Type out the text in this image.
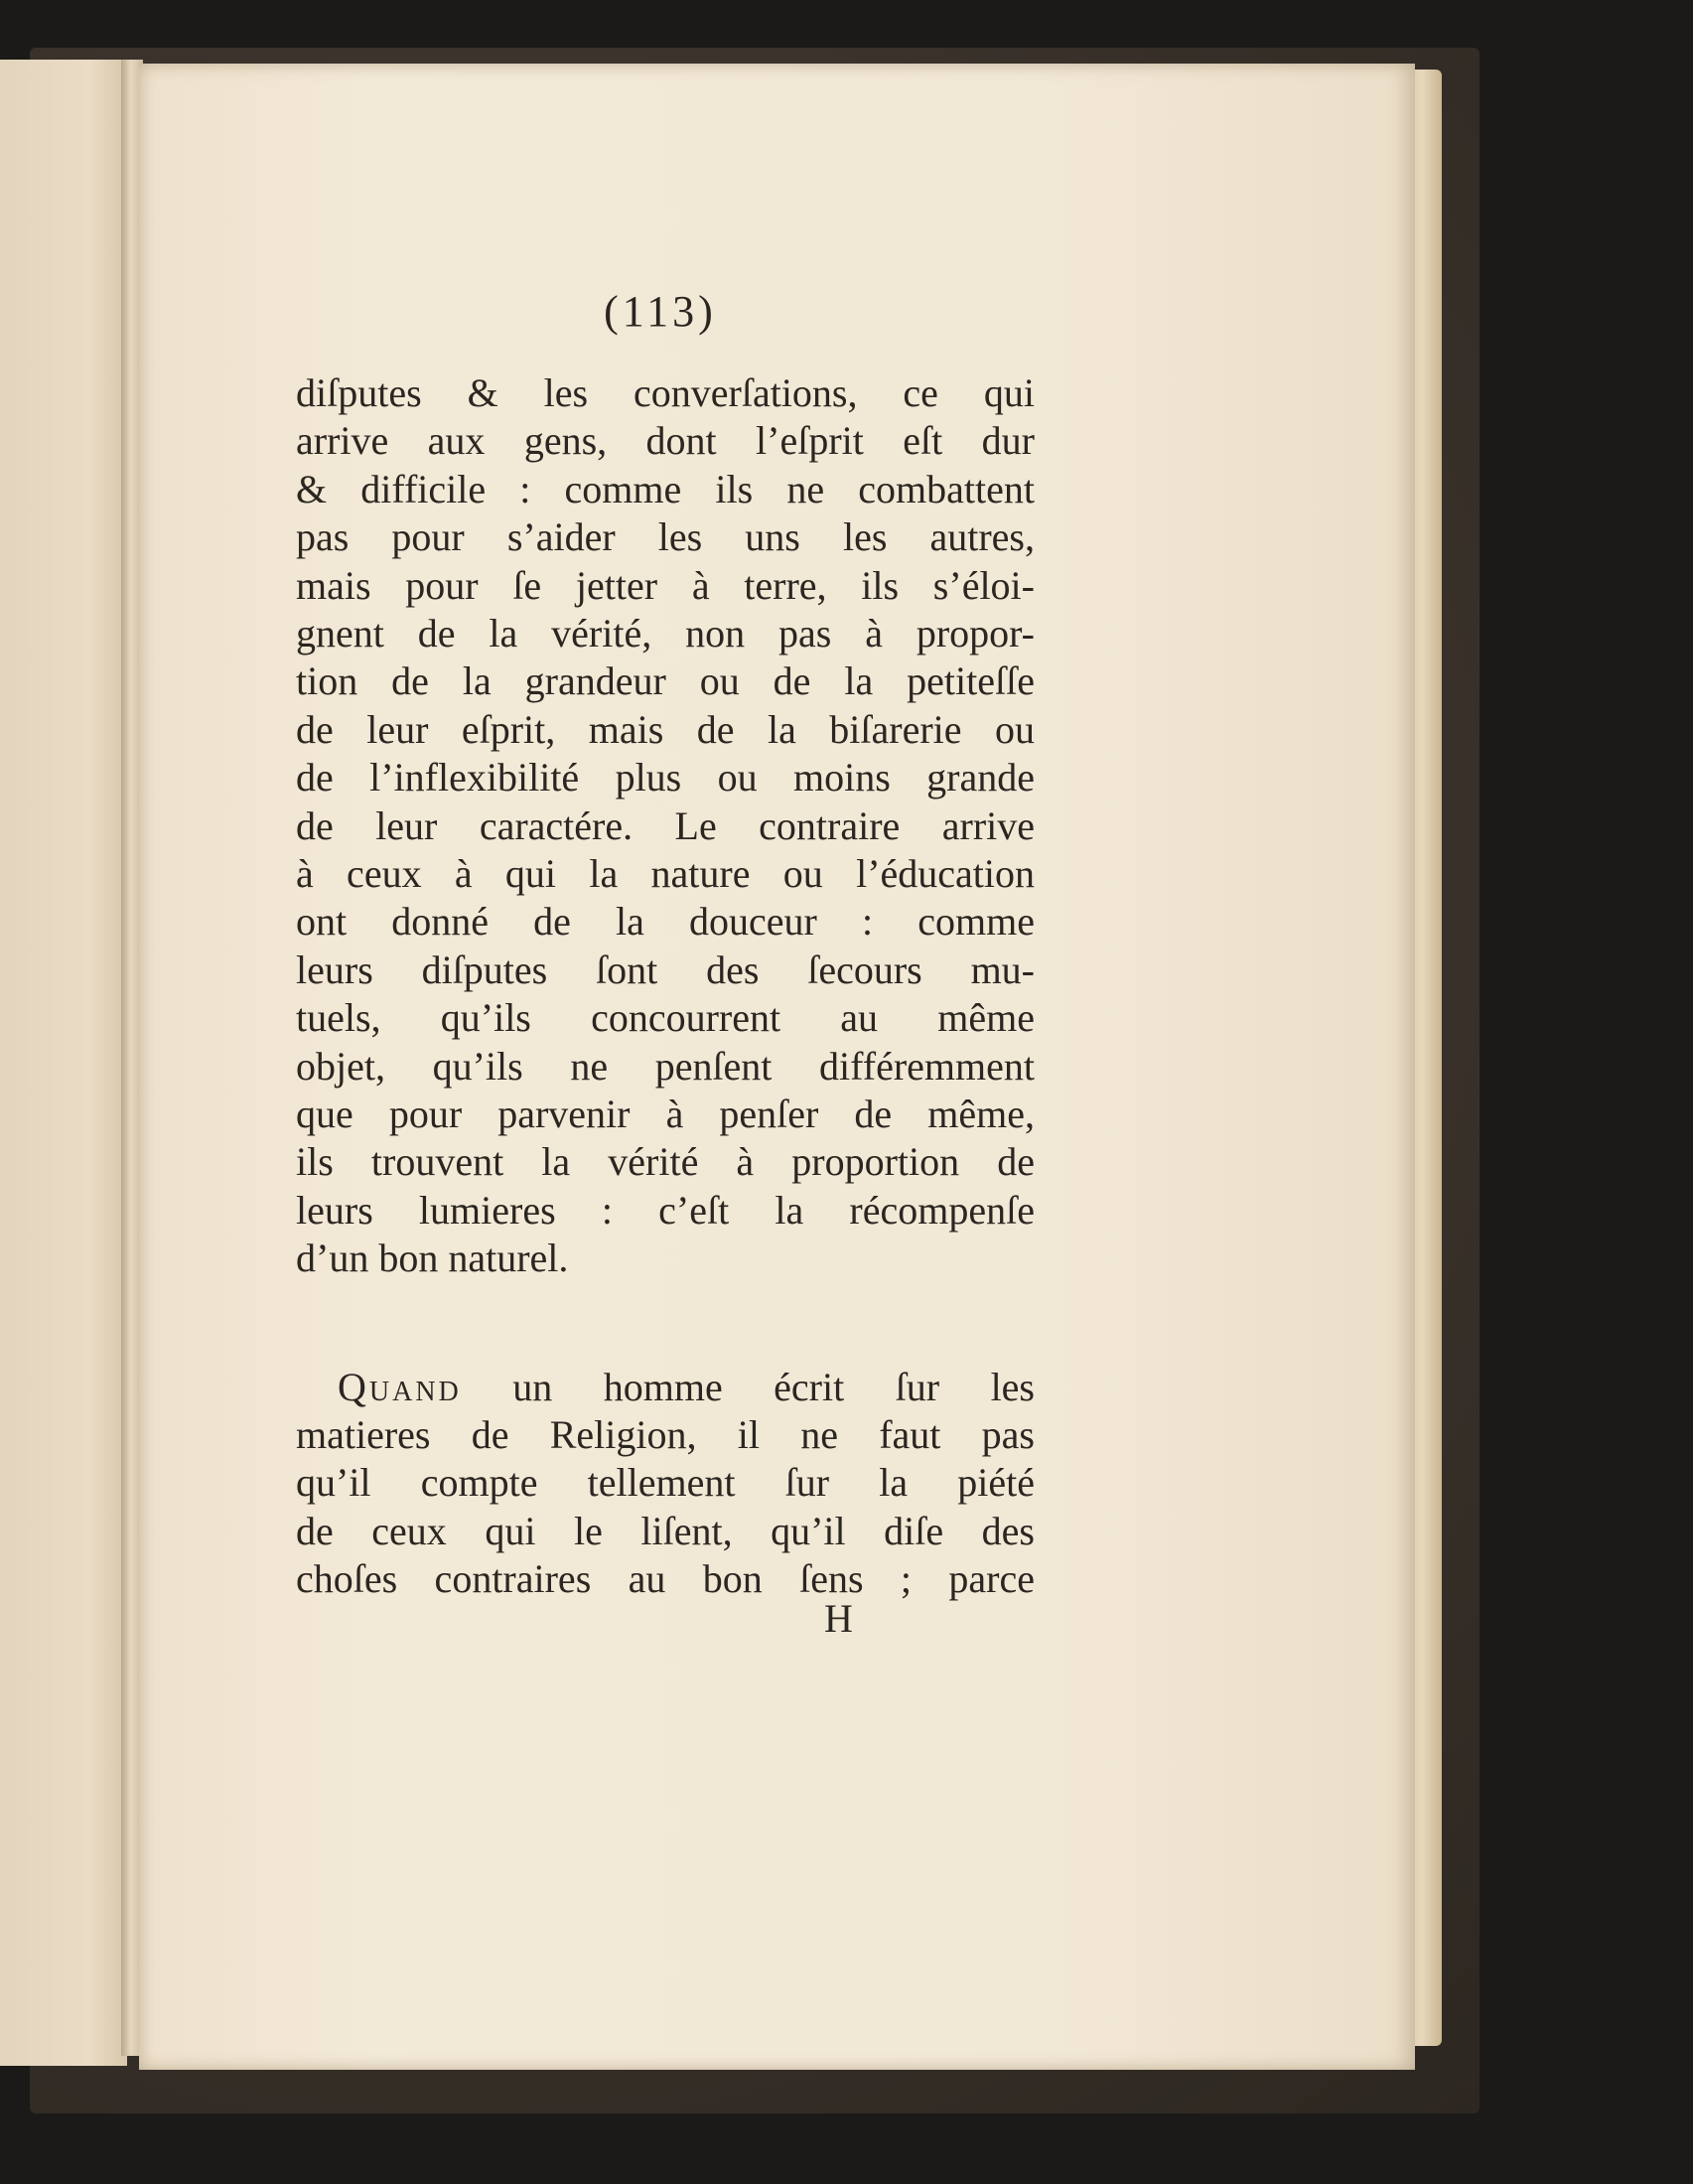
(113)
diſputes & les converſations, ce qui
arrive aux gens, dont l’eſprit eſt dur
& difficile : comme ils ne combattent
pas pour s’aider les uns les autres,
mais pour ſe jetter à terre, ils s’éloi-
gnent de la vérité, non pas à propor-
tion de la grandeur ou de la petiteſſe
de leur eſprit, mais de la biſarerie ou
de l’inflexibilité plus ou moins grande
de leur caractére. Le contraire arrive
à ceux à qui la nature ou l’éducation
ont donné de la douceur : comme
leurs diſputes ſont des ſecours mu-
tuels, qu’ils concourrent au même
objet, qu’ils ne penſent différemment
que pour parvenir à penſer de même,
ils trouvent la vérité à proportion de
leurs lumieres : c’eſt la récompenſe
d’un bon naturel.
Quand un homme écrit ſur les
matieres de Religion, il ne faut pas
qu’il compte tellement ſur la piété
de ceux qui le liſent, qu’il diſe des
choſes contraires au bon ſens ; parce
H
